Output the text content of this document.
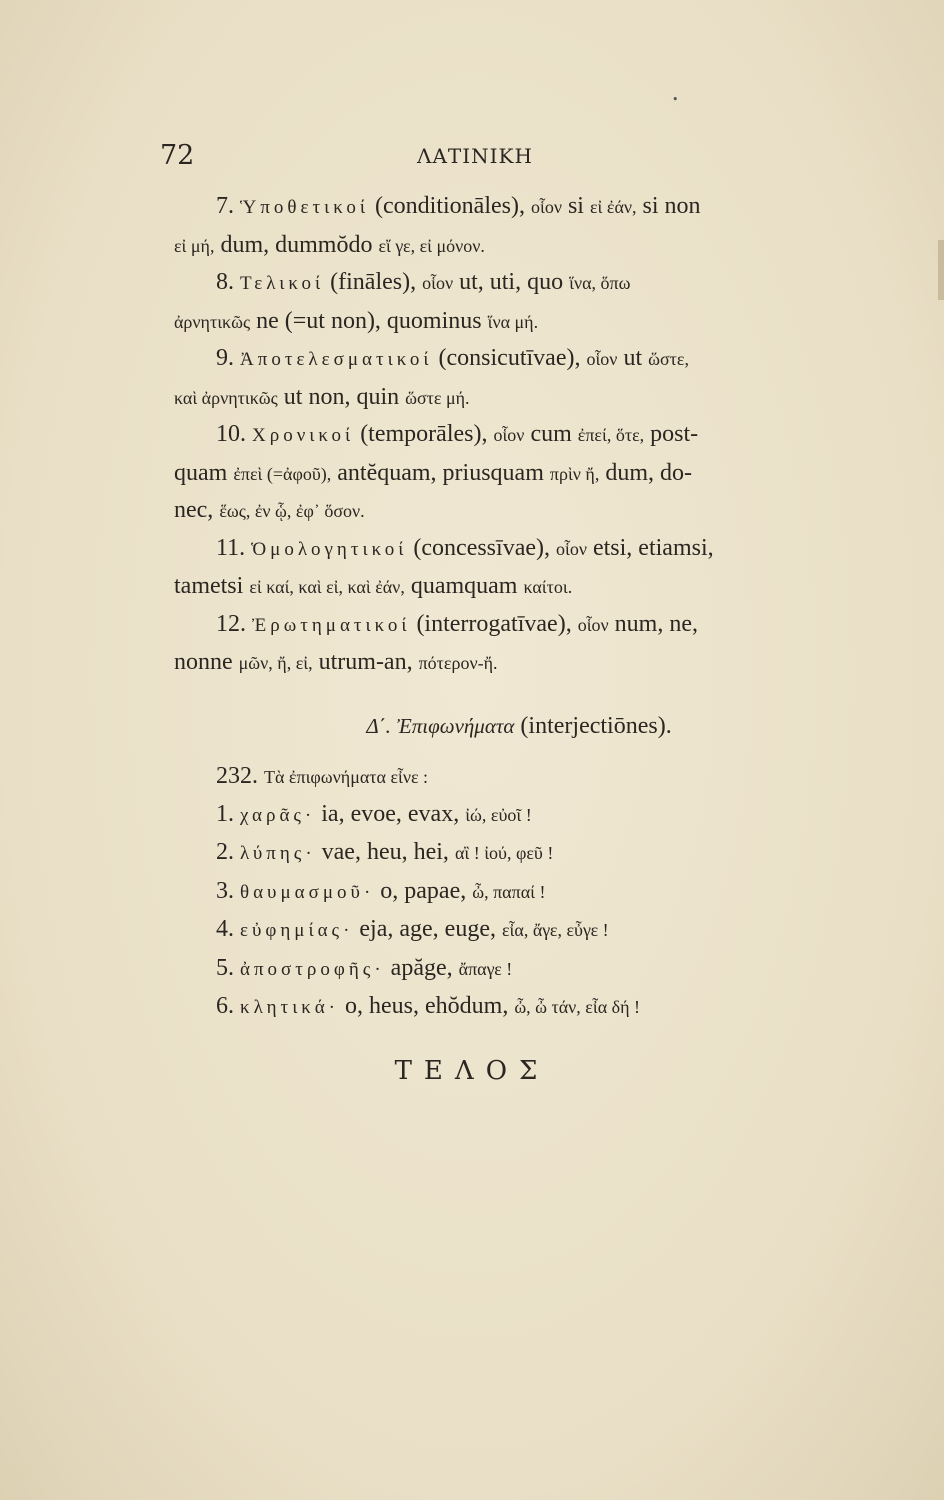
•
72	ΛΑΤΙΝΙΚΗ
7. Ὑποθετικοί (conditionāles), οἷον si εἰ ἐάν, si non
εἰ μή, dum, dummŏdo εἴ γε, εἰ μόνον.
8. Τελικοί (fināles), οἷον ut, uti, quo ἵνα, ὅπω
ἀρνητικῶς ne (=ut non), quominus ἵνα μή.
9. Ἀποτελεσματικοί (consicutīvae), οἷον ut ὥστε,
καὶ ἀρνητικῶς ut non, quin ὥστε μή.
10. Χρονικοί (temporāles), οἷον cum ἐπεί, ὅτε, post-
quam ἐπεὶ (=ἀφοῦ), antĕquam, priusquam πρὶν ἤ, dum, do-
nec, ἕως, ἐν ᾧ, ἐφ᾽ ὅσον.
11. Ὁμολογητικοί (concessīvae), οἷον etsi, etiamsi,
tametsi εἰ καί, καὶ εἰ, καὶ ἐάν, quamquam καίτοι.
12. Ἐρωτηματικοί (interrogatīvae), οἷον num, ne,
nonne μῶν, ἤ, εἰ, utrum-an, πότερον-ἤ.
Δ΄. Ἐπιφωνήματα (interjectiōnes).
232. Τὰ ἐπιφωνήματα εἶνε :
1. χαρᾶς· ia, evoe, evax, ἰώ, εὐοῖ !
2. λύπης· vae, heu, hei, αἲ ! ἰού, φεῦ !
3. θαυμασμοῦ· o, papae, ὦ, παπαί !
4. εὐφημίας· eja, age, euge, εἶα, ἄγε, εὖγε !
5. ἀποστροφῆς· apăge, ἄπαγε !
6. κλητικά· o, heus, ehŏdum, ὦ, ὦ τάν, εἶα δή !
ΤΕΛΟΣ
